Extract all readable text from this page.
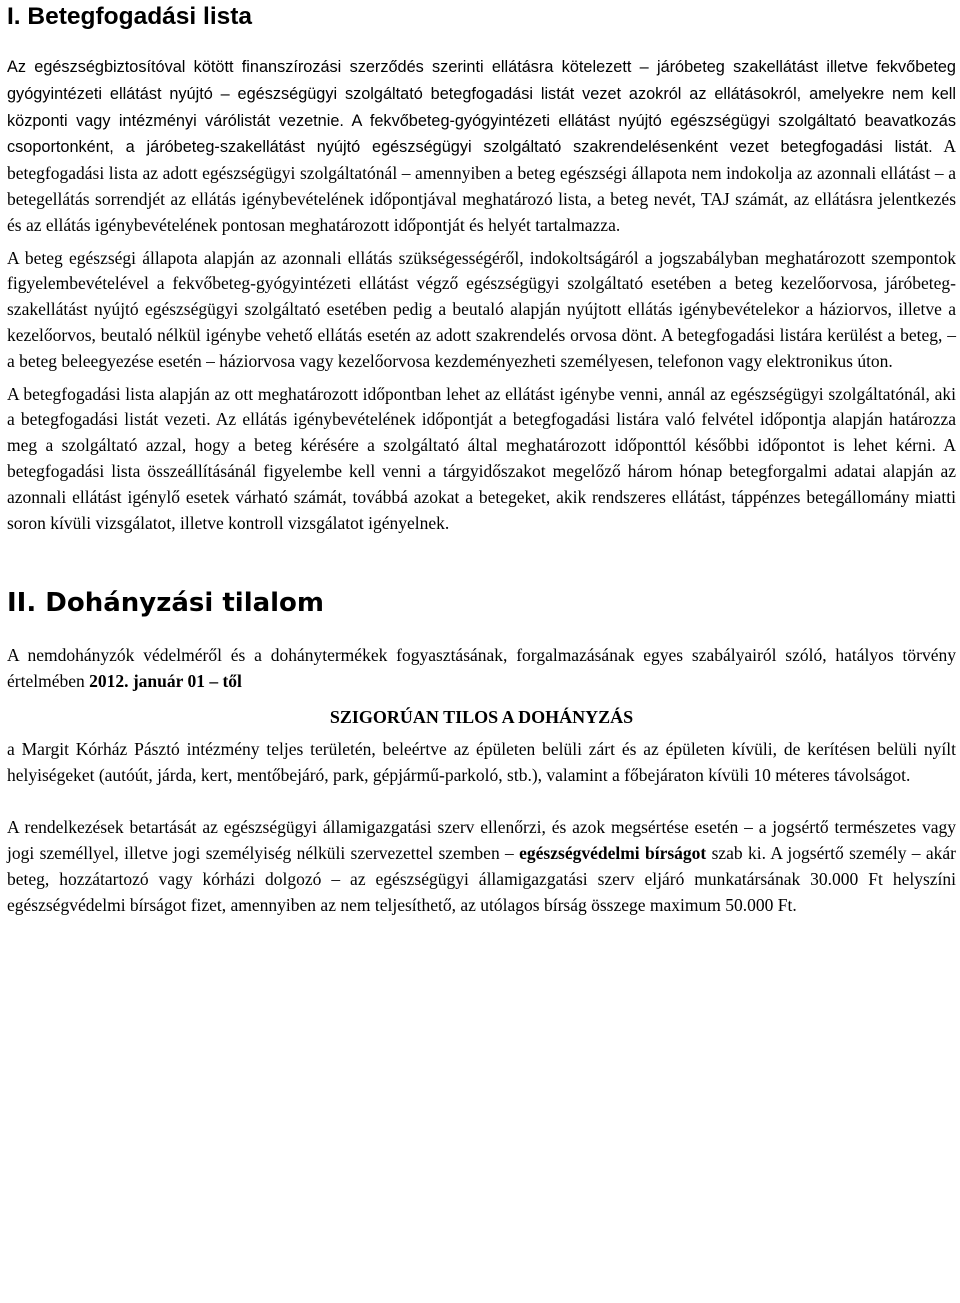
I. Betegfogadási lista

Az egészségbiztosítóval kötött finanszírozási szerződés szerinti ellátásra kötelezett – járóbeteg szakellátást illetve fekvőbeteg gyógyintézeti ellátást nyújtó – egészségügyi szolgáltató betegfogadási listát vezet azokról az ellátásokról, amelyekre nem kell központi vagy intézményi várólistát vezetnie. A fekvőbeteg-gyógyintézeti ellátást nyújtó egészségügyi szolgáltató beavatkozás csoportonként, a járóbeteg-szakellátást nyújtó egészségügyi szolgáltató szakrendelésenként vezet betegfogadási listát. A betegfogadási lista az adott egészségügyi szolgáltatónál – amennyiben a beteg egészségi állapota nem indokolja az azonnali ellátást – a betegellátás sorrendjét az ellátás igénybevételének időpontjával meghatározó lista, a beteg nevét, TAJ számát, az ellátásra jelentkezés és az ellátás igénybevételének pontosan meghatározott időpontját és helyét tartalmazza.

A beteg egészségi állapota alapján az azonnali ellátás szükségességéről, indokoltságáról a jogszabályban meghatározott szempontok figyelembevételével a fekvőbeteg-gyógyintézeti ellátást végző egészségügyi szolgáltató esetében a beteg kezelőorvosa, járóbeteg-szakellátást nyújtó egészségügyi szolgáltató esetében pedig a beutaló alapján nyújtott ellátás igénybevételekor a háziorvos, illetve a kezelőorvos, beutaló nélkül igénybe vehető ellátás esetén az adott szakrendelés orvosa dönt. A betegfogadási listára kerülést a beteg, – a beteg beleegyezése esetén – háziorvosa vagy kezelőorvosa kezdeményezheti személyesen, telefonon vagy elektronikus úton.

A betegfogadási lista alapján az ott meghatározott időpontban lehet az ellátást igénybe venni, annál az egészségügyi szolgáltatónál, aki a betegfogadási listát vezeti. Az ellátás igénybevételének időpontját a betegfogadási listára való felvétel időpontja alapján határozza meg a szolgáltató azzal, hogy a beteg kérésére a szolgáltató által meghatározott időponttól későbbi időpontot is lehet kérni. A betegfogadási lista összeállításánál figyelembe kell venni a tárgyidőszakot megelőző három hónap betegforgalmi adatai alapján az azonnali ellátást igénylő esetek várható számát, továbbá azokat a betegeket, akik rendszeres ellátást, táppénzes betegállomány miatti soron kívüli vizsgálatot, illetve kontroll vizsgálatot igényelnek.

II. Dohányzási tilalom

A nemdohányzók védelméről és a dohánytermékek fogyasztásának, forgalmazásának egyes szabályairól szóló, hatályos törvény értelmében 2012. január 01 – től

SZIGORÚAN TILOS A DOHÁNYZÁS

a Margit Kórház Pásztó intézmény teljes területén, beleértve az épületen belüli zárt és az épületen kívüli, de kerítésen belüli nyílt helyiségeket (autóút, járda, kert, mentőbejáró, park, gépjármű-parkoló, stb.), valamint a főbejáraton kívüli 10 méteres távolságot.

A rendelkezések betartását az egészségügyi államigazgatási szerv ellenőrzi, és azok megsértése esetén – a jogsértő természetes vagy jogi személlyel, illetve jogi személyiség nélküli szervezettel szemben – egészségvédelmi bírságot szab ki. A jogsértő személy – akár beteg, hozzátartozó vagy kórházi dolgozó – az egészségügyi államigazgatási szerv eljáró munkatársának 30.000 Ft helyszíni egészségvédelmi bírságot fizet, amennyiben az nem teljesíthető, az utólagos bírság összege maximum 50.000 Ft.
